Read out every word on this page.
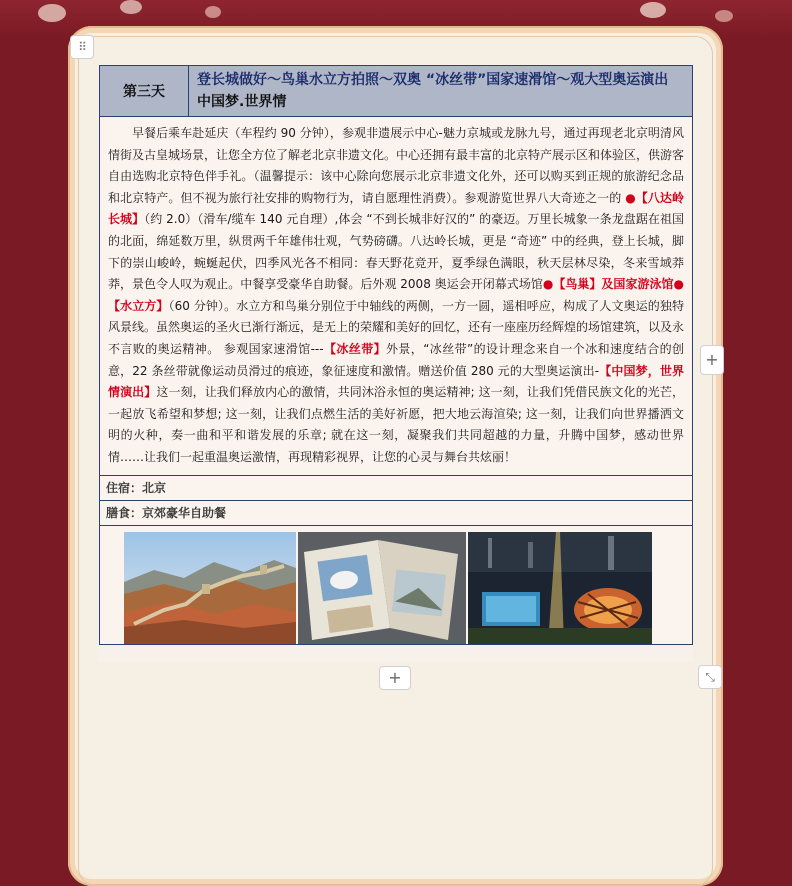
⠿
+
+	⤡
第三天	
登长城做好～鸟巢水立方拍照～双奥 “冰丝带”国家速滑馆～观大型奥运演出
中国梦.世界情

早餐后乘车赴延庆（车程约 90 分钟），参观非遗展示中心-魅力京城或龙脉九号，通过再现老北京明清风情街及古皇城场景，让您全方位了解老北京非遗文化。中心还拥有最丰富的北京特产展示区和体验区，供游客自由选购北京特色伴手礼。（温馨提示：该中心除向您展示北京非遗文化外，还可以购买到正规的旅游纪念品和北京特产。但不视为旅行社安排的购物行为，请自愿理性消费）。参观游览世界八大奇迹之一的 ●【八达岭长城】（约 2.0）（滑车/缆车 140 元自理）,体会 “不到长城非好汉的” 的豪迈。万里长城象一条龙盘踞在祖国的北面，绵延数万里，纵贯两千年雄伟壮观，气势磅礴。八达岭长城，更是 “奇迹” 中的经典，登上长城，脚下的崇山峻岭，蜿蜒起伏，四季风光各不相同：春天野花竞开，夏季绿色满眼，秋天层林尽染，冬来雪域莽莽，景色令人叹为观止。中餐享受豪华自助餐。后外观 2008 奥运会开闭幕式场馆●【鸟巢】及国家游泳馆●【水立方】（60 分钟）。水立方和鸟巢分别位于中轴线的两侧，一方一圆，遥相呼应，构成了人文奥运的独特风景线。虽然奥运的圣火已渐行渐远，是无上的荣耀和美好的回忆，还有一座座历经辉煌的场馆建筑，以及永不言败的奥运精神。 参观国家速滑馆---【冰丝带】外景，“冰丝带”的设计理念来自一个冰和速度结合的创意，22 条丝带就像运动员滑过的痕迹，象征速度和激情。赠送价值 280 元的大型奥运演出-【中国梦，世界情演出】这一刻，让我们释放内心的激情，共同沐浴永恒的奥运精神; 这一刻，让我们凭借民族文化的光芒，一起放飞希望和梦想; 这一刻，让我们点燃生活的美好祈愿，把大地云海渲染; 这一刻，让我们向世界播洒文明的火种，奏一曲和平和谐发展的乐章; 就在这一刻，凝聚我们共同超越的力量，升腾中国梦，感动世界情……让我们一起重温奥运激情，再现精彩视界，让您的心灵与舞台共炫丽！

住宿：北京
膳食：京郊豪华自助餐
